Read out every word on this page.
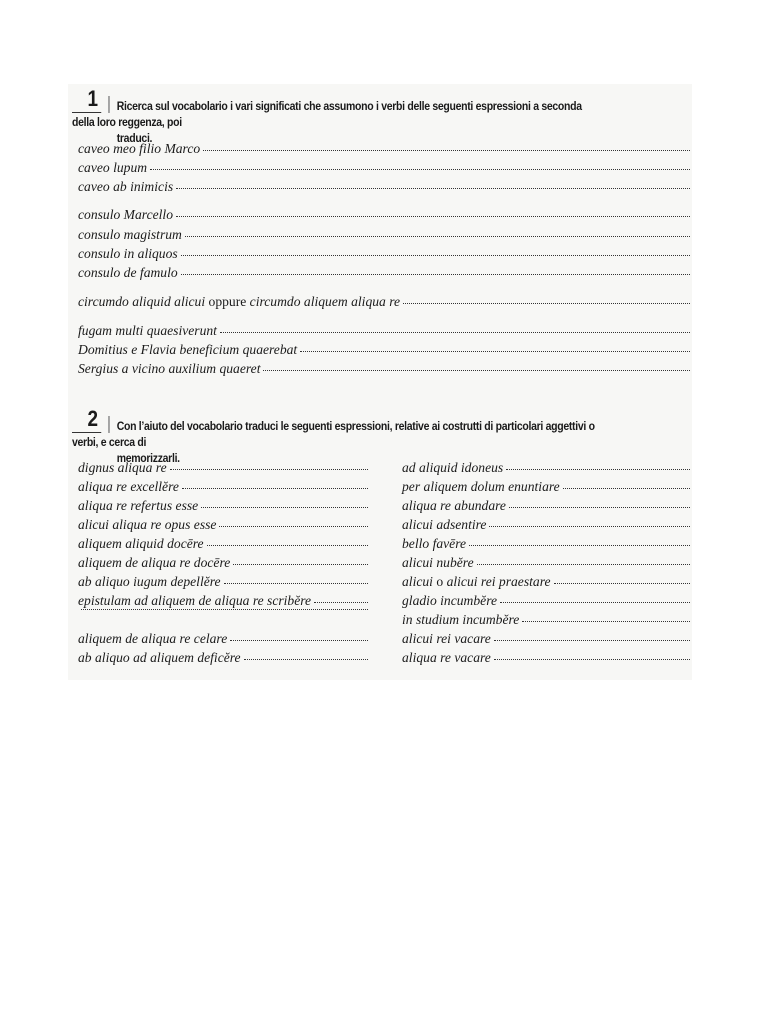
1 Ricerca sul vocabolario i vari significati che assumono i verbi delle seguenti espressioni a seconda della loro reggenza, poi
traduci.
caveo meo filio Marco
caveo lupum
caveo ab inimicis
consulo Marcello
consulo magistrum
consulo in aliquos
consulo de famulo
circumdo aliquid alicui oppure circumdo aliquem aliqua re
fugam multi quaesiverunt
Domitius e Flavia beneficium quaerebat
Sergius a vicino auxilium quaeret
2 Con l’aiuto del vocabolario traduci le seguenti espressioni, relative ai costrutti di particolari aggettivi o verbi, e cerca di
memorizzarli.
dignus aliqua re
aliqua re excellĕre
aliqua re refertus esse
alicui aliqua re opus esse
aliquem aliquid docēre
aliquem de aliqua re docēre
ab aliquo iugum depellĕre
epistulam ad aliquem de aliqua re scribĕre
aliquem de aliqua re celare
ab aliquo ad aliquem deficĕre
ad aliquid idoneus
per aliquem dolum enuntiare
aliqua re abundare
alicui adsentire
bello favēre
alicui nubĕre
alicui o alicui rei praestare
gladio incumbĕre
in studium incumbĕre
alicui rei vacare
aliqua re vacare
